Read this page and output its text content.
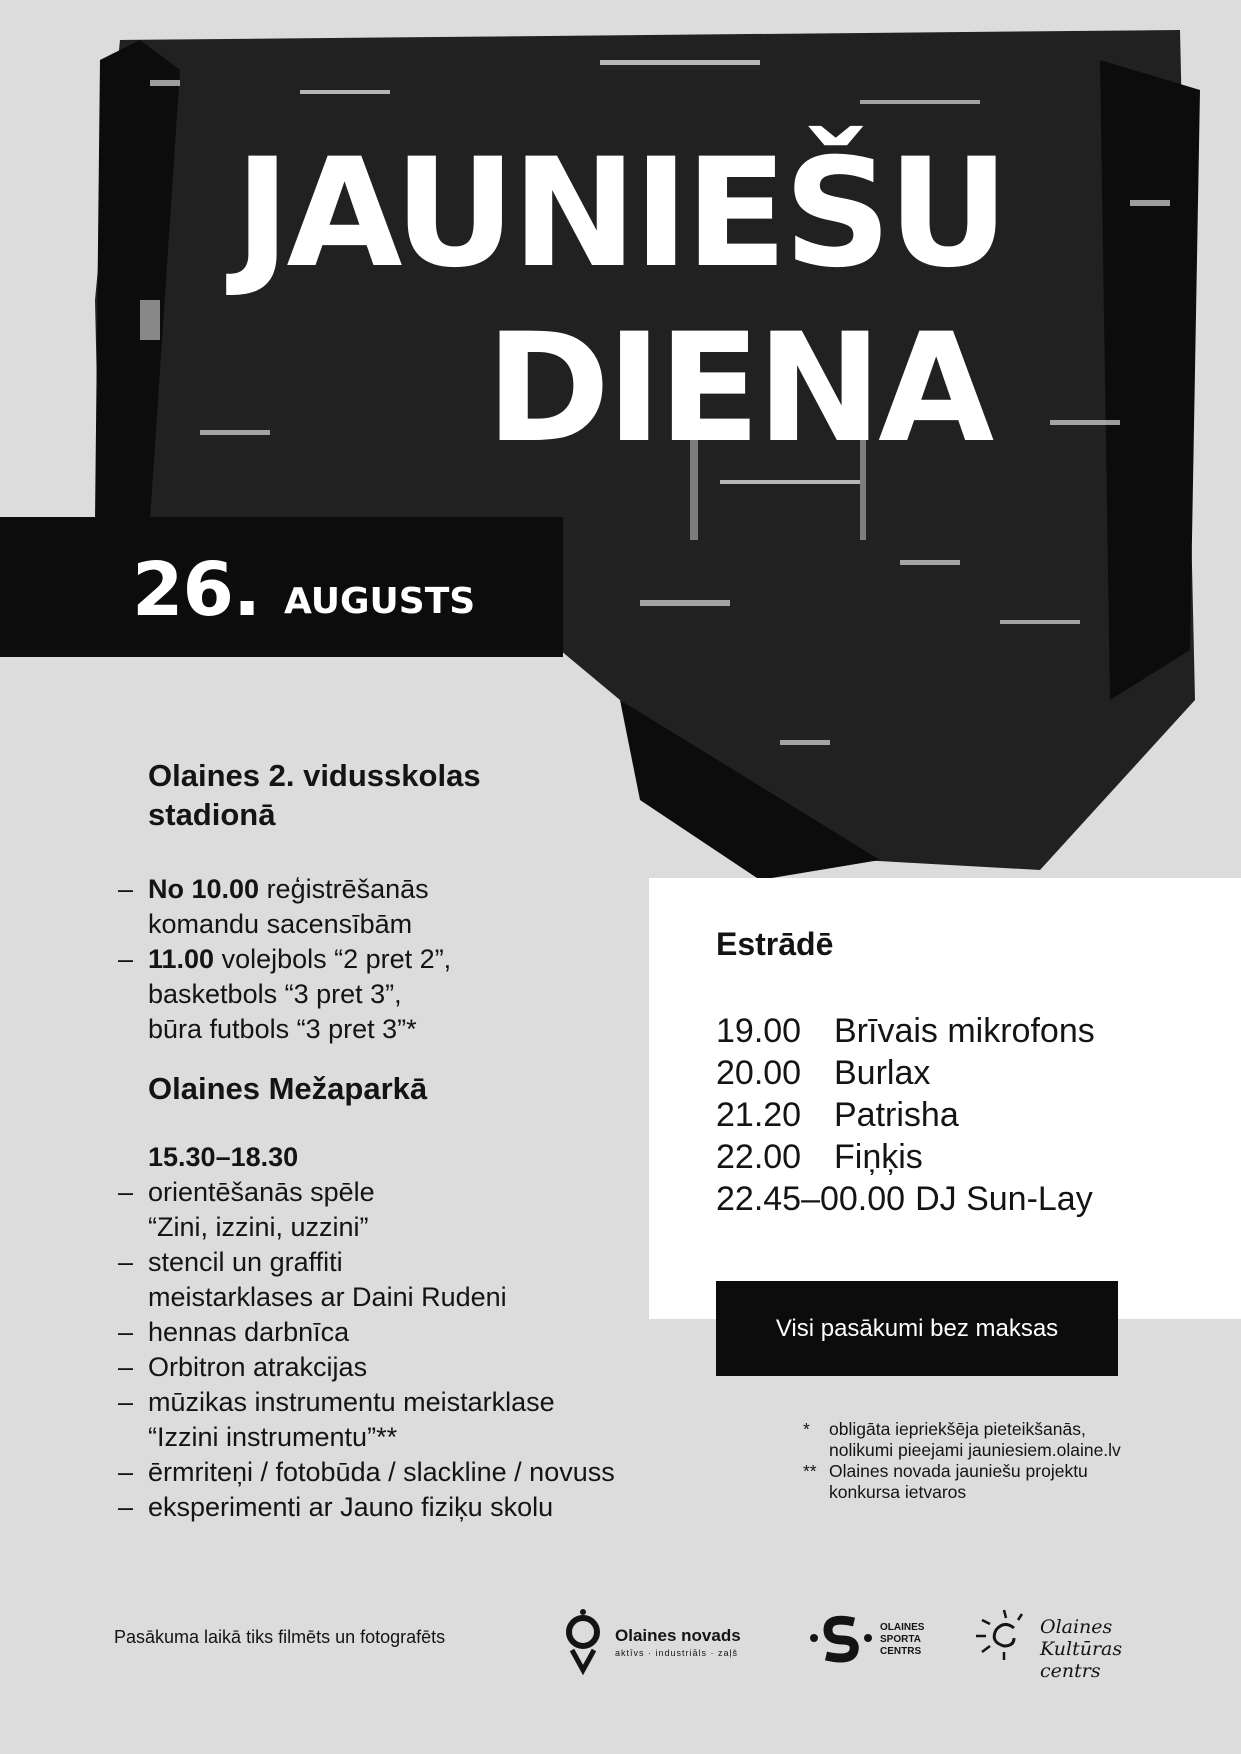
JAUNIEŠU
DIENA
26. AUGUSTS
Olaines 2. vidusskolas
stadionā
– No 10.00 reģistrēšanās
komandu sacensībām
– 11.00 volejbols “2 pret 2”,
basketbols “3 pret 3”,
būra futbols “3 pret 3”*
Olaines Mežaparkā
15.30–18.30
– orientēšanās spēle
“Zini, izzini, uzzini”
– stencil un graffiti
meistarklases ar Daini Rudeni
– hennas darbnīca
– Orbitron atrakcijas
– mūzikas instrumentu meistarklase
“Izzini instrumentu”**
– ērmriteņi / fotobūda / slackline / novuss
– eksperimenti ar Jauno fiziķu skolu
Estrādē
19.00 Brīvais mikrofons
20.00 Burlax
21.20 Patrisha
22.00 Fiņķis
22.45–00.00 DJ Sun-Lay
Visi pasākumi bez maksas
* obligāta iepriekšēja pieteikšanās,
nolikumi pieejami jauniesiem.olaine.lv
** Olaines novada jauniešu projektu
konkursa ietvaros
Pasākuma laikā tiks filmēts un fotografēts	Olaines novads
aktīvs · industriāls · zaļš
OLAINES
SPORTA
CENTRS
Olaines
Kultūras centrs
